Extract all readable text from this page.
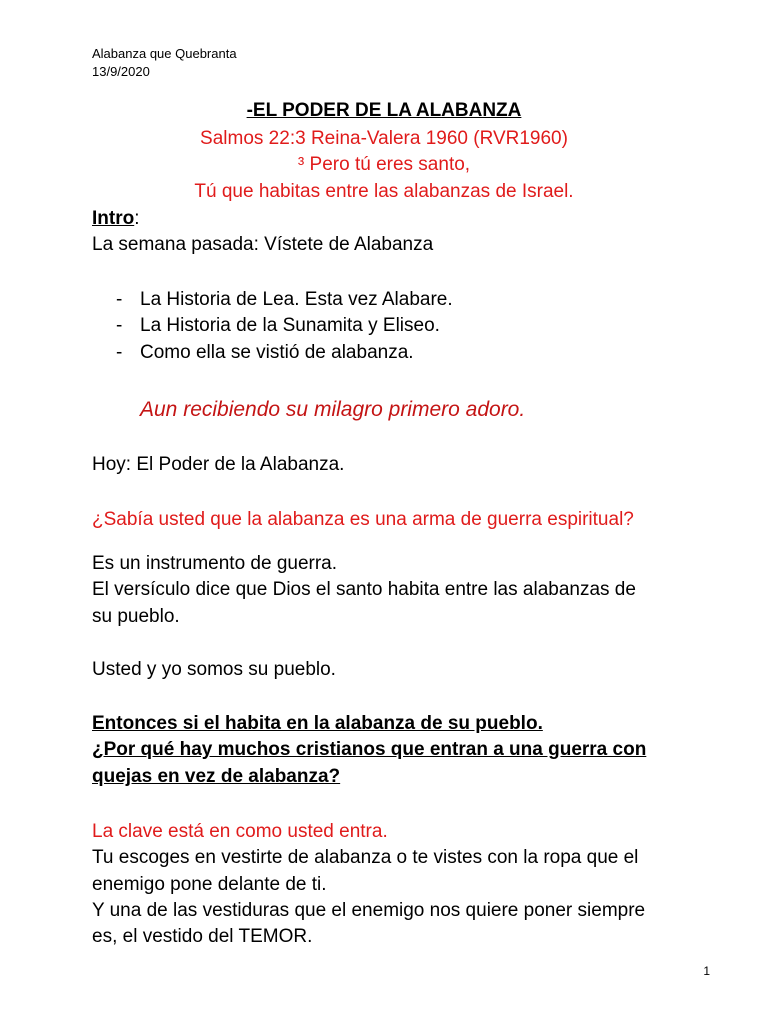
Alabanza que Quebranta
13/9/2020
-EL PODER DE LA ALABANZA
Salmos 22:3 Reina-Valera 1960 (RVR1960)
³ Pero tú eres santo,
Tú que habitas entre las alabanzas de Israel.
Intro:
La semana pasada: Vístete de Alabanza
- La Historia de Lea. Esta vez Alabare.
- La Historia de la Sunamita y Eliseo.
- Como ella se vistió de alabanza.
Aun recibiendo su milagro primero adoro.
Hoy: El Poder de la Alabanza.
¿Sabía usted que la alabanza es una arma de guerra espiritual?
Es un instrumento de guerra.
El versículo dice que Dios el santo habita entre las alabanzas de
su pueblo.
Usted y yo somos su pueblo.
Entonces si el habita en la alabanza de su pueblo.
¿Por qué hay muchos cristianos que entran a una guerra con
quejas en vez de alabanza?
La clave está en como usted entra.
Tu escoges en vestirte de alabanza o te vistes con la ropa que el
enemigo pone delante de ti.
Y una de las vestiduras que el enemigo nos quiere poner siempre
es, el vestido del TEMOR.
1
